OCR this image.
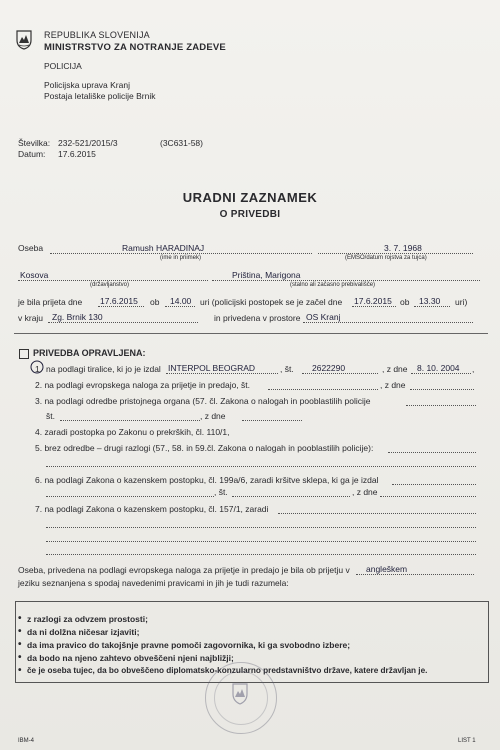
REPUBLIKA SLOVENIJA
MINISTRSTVO ZA NOTRANJE ZADEVE
POLICIJA
Policijska uprava Kranj
Postaja letališke policije Brnik
Številka: 232-521/2015/3	(3C631-58)
Datum: 17.6.2015
URADNI ZAZNAMEK
O PRIVEDBI
Oseba	Ramush HARADINAJ
(ime in priimek)
3. 7. 1968
(EMŠO/datum rojstva za tujca)
Kosova
(državljanstvo)
Priština, Marigona
(stalno ali začasno prebivališče)
je bila prijeta dne 17.6.2015 ob 14.00 uri (policijski postopek se je začel dne 17.6.2015 ob 13.30 uri)
v kraju Zg. Brnik 130	in privedena v prostore OS Kranj
PRIVEDBA OPRAVLJENA:
1. na podlagi tiralice, ki jo je izdal INTERPOL BEOGRAD	, št. 2622290	, z dne 8. 10. 2004 ,
2. na podlagi evropskega naloga za prijetje in predajo, št.	, z dne
3. na podlagi odredbe pristojnega organa (57. čl. Zakona o nalogah in pooblastilih policije
št.	, z dne
4. zaradi postopka po Zakonu o prekrških, čl. 110/1,
5. brez odredbe – drugi razlogi (57., 58. in 59.čl. Zakona o nalogah in pooblastilih policije):
6. na podlagi Zakona o kazenskem postopku, čl. 199a/6, zaradi kršitve sklepa, ki ga je izdal
, št.	, z dne
7. na podlagi Zakona o kazenskem postopku, čl. 157/1, zaradi
Oseba, privedena na podlagi evropskega naloga za prijetje in predajo je bila ob prijetju v angleškem
jeziku seznanjena s spodaj navedenimi pravicami in jih je tudi razumela:
• z razlogi za odvzem prostosti;
• da ni dolžna ničesar izjaviti;
• da ima pravico do takojšnje pravne pomoči zagovornika, ki ga svobodno izbere;
• da bodo na njeno zahtevo obveščeni njeni najbližji;
• če je oseba tujec, da bo obveščeno diplomatsko-konzularno predstavništvo države, katere državljan je.
IBM-4	LIST 1
